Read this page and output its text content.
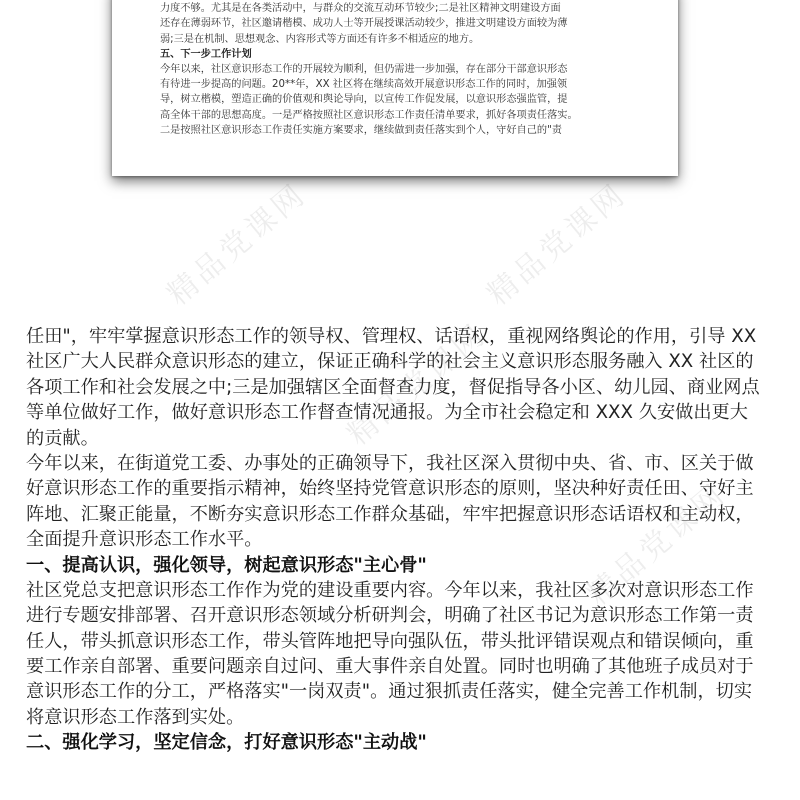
力度不够。尤其是在各类活动中，与群众的交流互动环节较少;二是社区精神文明建设方面
还存在薄弱环节，社区邀请楷模、成功人士等开展授课活动较少，推进文明建设方面较为薄
弱;三是在机制、思想观念、内容形式等方面还有许多不相适应的地方。
五、下一步工作计划
今年以来，社区意识形态工作的开展较为顺利，但仍需进一步加强，存在部分干部意识形态
有待进一步提高的问题。20**年，XX 社区将在继续高效开展意识形态工作的同时，加强领
导，树立楷模，塑造正确的价值观和舆论导向，以宣传工作促发展，以意识形态强监管，提
高全体干部的思想高度。一是严格按照社区意识形态工作责任清单要求，抓好各项责任落实。
二是按照社区意识形态工作责任实施方案要求，继续做到责任落实到个人，守好自己的"责
精品党课网	精品党课网
精品党课网
精品党课网
任田"，牢牢掌握意识形态工作的领导权、管理权、话语权，重视网络舆论的作用，引导 XX
社区广大人民群众意识形态的建立，保证正确科学的社会主义意识形态服务融入 XX 社区的
各项工作和社会发展之中;三是加强辖区全面督查力度，督促指导各小区、幼儿园、商业网点
等单位做好工作，做好意识形态工作督查情况通报。为全市社会稳定和 XXX 久安做出更大
的贡献。
今年以来，在街道党工委、办事处的正确领导下，我社区深入贯彻中央、省、市、区关于做
好意识形态工作的重要指示精神，始终坚持党管意识形态的原则，坚决种好责任田、守好主
阵地、汇聚正能量，不断夯实意识形态工作群众基础，牢牢把握意识形态话语权和主动权，
全面提升意识形态工作水平。
一、提高认识，强化领导，树起意识形态"主心骨"
社区党总支把意识形态工作作为党的建设重要内容。今年以来，我社区多次对意识形态工作
进行专题安排部署、召开意识形态领域分析研判会，明确了社区书记为意识形态工作第一责
任人，带头抓意识形态工作，带头管阵地把导向强队伍，带头批评错误观点和错误倾向，重
要工作亲自部署、重要问题亲自过问、重大事件亲自处置。同时也明确了其他班子成员对于
意识形态工作的分工，严格落实"一岗双责"。通过狠抓责任落实，健全完善工作机制，切实
将意识形态工作落到实处。
二、强化学习，坚定信念，打好意识形态"主动战"
